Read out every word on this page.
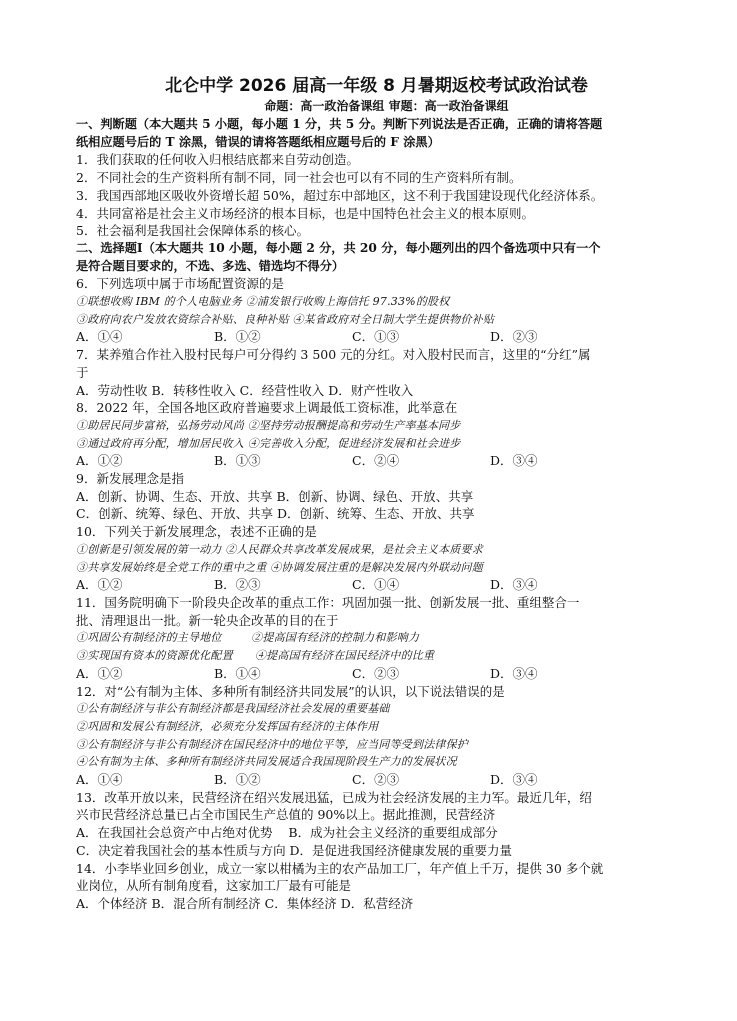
北仑中学 2026 届高一年级 8 月暑期返校考试政治试卷
命题：高一政治备课组 审题：高一政治备课组
一、判断题（本大题共 5 小题，每小题 1 分，共 5 分。判断下列说法是否正确，正确的请将答题
纸相应题号后的 T 涂黑，错误的请将答题纸相应题号后的 F 涂黑）
1．我们获取的任何收入归根结底都来自劳动创造。
2．不同社会的生产资料所有制不同，同一社会也可以有不同的生产资料所有制。
3．我国西部地区吸收外资增长超 50%，超过东中部地区，这不利于我国建设现代化经济体系。
4．共同富裕是社会主义市场经济的根本目标，也是中国特色社会主义的根本原则。
5．社会福利是我国社会保障体系的核心。
二、选择题Ⅰ（本大题共 10 小题，每小题 2 分，共 20 分，每小题列出的四个备选项中只有一个
是符合题目要求的，不选、多选、错选均不得分）
6．下列选项中属于市场配置资源的是
①联想收购 IBM 的个人电脑业务 ②浦发银行收购上海信托 97.33%的股权
③政府向农户发放农资综合补贴、良种补贴 ④某省政府对全日制大学生提供物价补贴
A．①④	B．①②	C．①③	D．②③
7．某养殖合作社入股村民每户可分得约 3 500 元的分红。对入股村民而言，这里的“分红”属
于
A．劳动性收 B．转移性收入 C．经营性收入 D．财产性收入
8．2022 年，全国各地区政府普遍要求上调最低工资标准，此举意在
①助居民同步富裕，弘扬劳动风尚 ②坚持劳动报酬提高和劳动生产率基本同步
③通过政府再分配，增加居民收入 ④完善收入分配，促进经济发展和社会进步
A．①②	B．①③	C．②④	D．③④
9．新发展理念是指
A．创新、协调、生态、开放、共享 B．创新、协调、绿色、开放、共享
C．创新、统筹、绿色、开放、共享 D．创新、统筹、生态、开放、共享
10．下列关于新发展理念，表述不正确的是
①创新是引领发展的第一动力 ②人民群众共享改革发展成果，是社会主义本质要求
③共享发展始终是全党工作的重中之重 ④协调发展注重的是解决发展内外联动问题
A．①②	B．②③	C．①④	D．③④
11．国务院明确下一阶段央企改革的重点工作：巩固加强一批、创新发展一批、重组整合一
批、清理退出一批。新一轮央企改革的目的在于
①巩固公有制经济的主导地位        ②提高国有经济的控制力和影响力
③实现国有资本的资源优化配置      ④提高国有经济在国民经济中的比重
A．①②	B．①④	C．②③	D．③④
12．对“公有制为主体、多种所有制经济共同发展”的认识，以下说法错误的是
①公有制经济与非公有制经济都是我国经济社会发展的重要基础
②巩固和发展公有制经济，必须充分发挥国有经济的主体作用
③公有制经济与非公有制经济在国民经济中的地位平等，应当同等受到法律保护
④公有制为主体、多种所有制经济共同发展适合我国现阶段生产力的发展状况
A．①④	B．①②	C．②③	D．③④
13．改革开放以来，民营经济在绍兴发展迅猛，已成为社会经济发展的主力军。最近几年，绍
兴市民营经济总量已占全市国民生产总值的 90%以上。据此推测，民营经济
A．在我国社会总资产中占绝对优势    B．成为社会主义经济的重要组成部分
C．决定着我国社会的基本性质与方向 D．是促进我国经济健康发展的重要力量
14．小李毕业回乡创业，成立一家以柑橘为主的农产品加工厂，年产值上千万，提供 30 多个就
业岗位，从所有制角度看，这家加工厂最有可能是
A．个体经济 B．混合所有制经济 C．集体经济 D．私营经济
